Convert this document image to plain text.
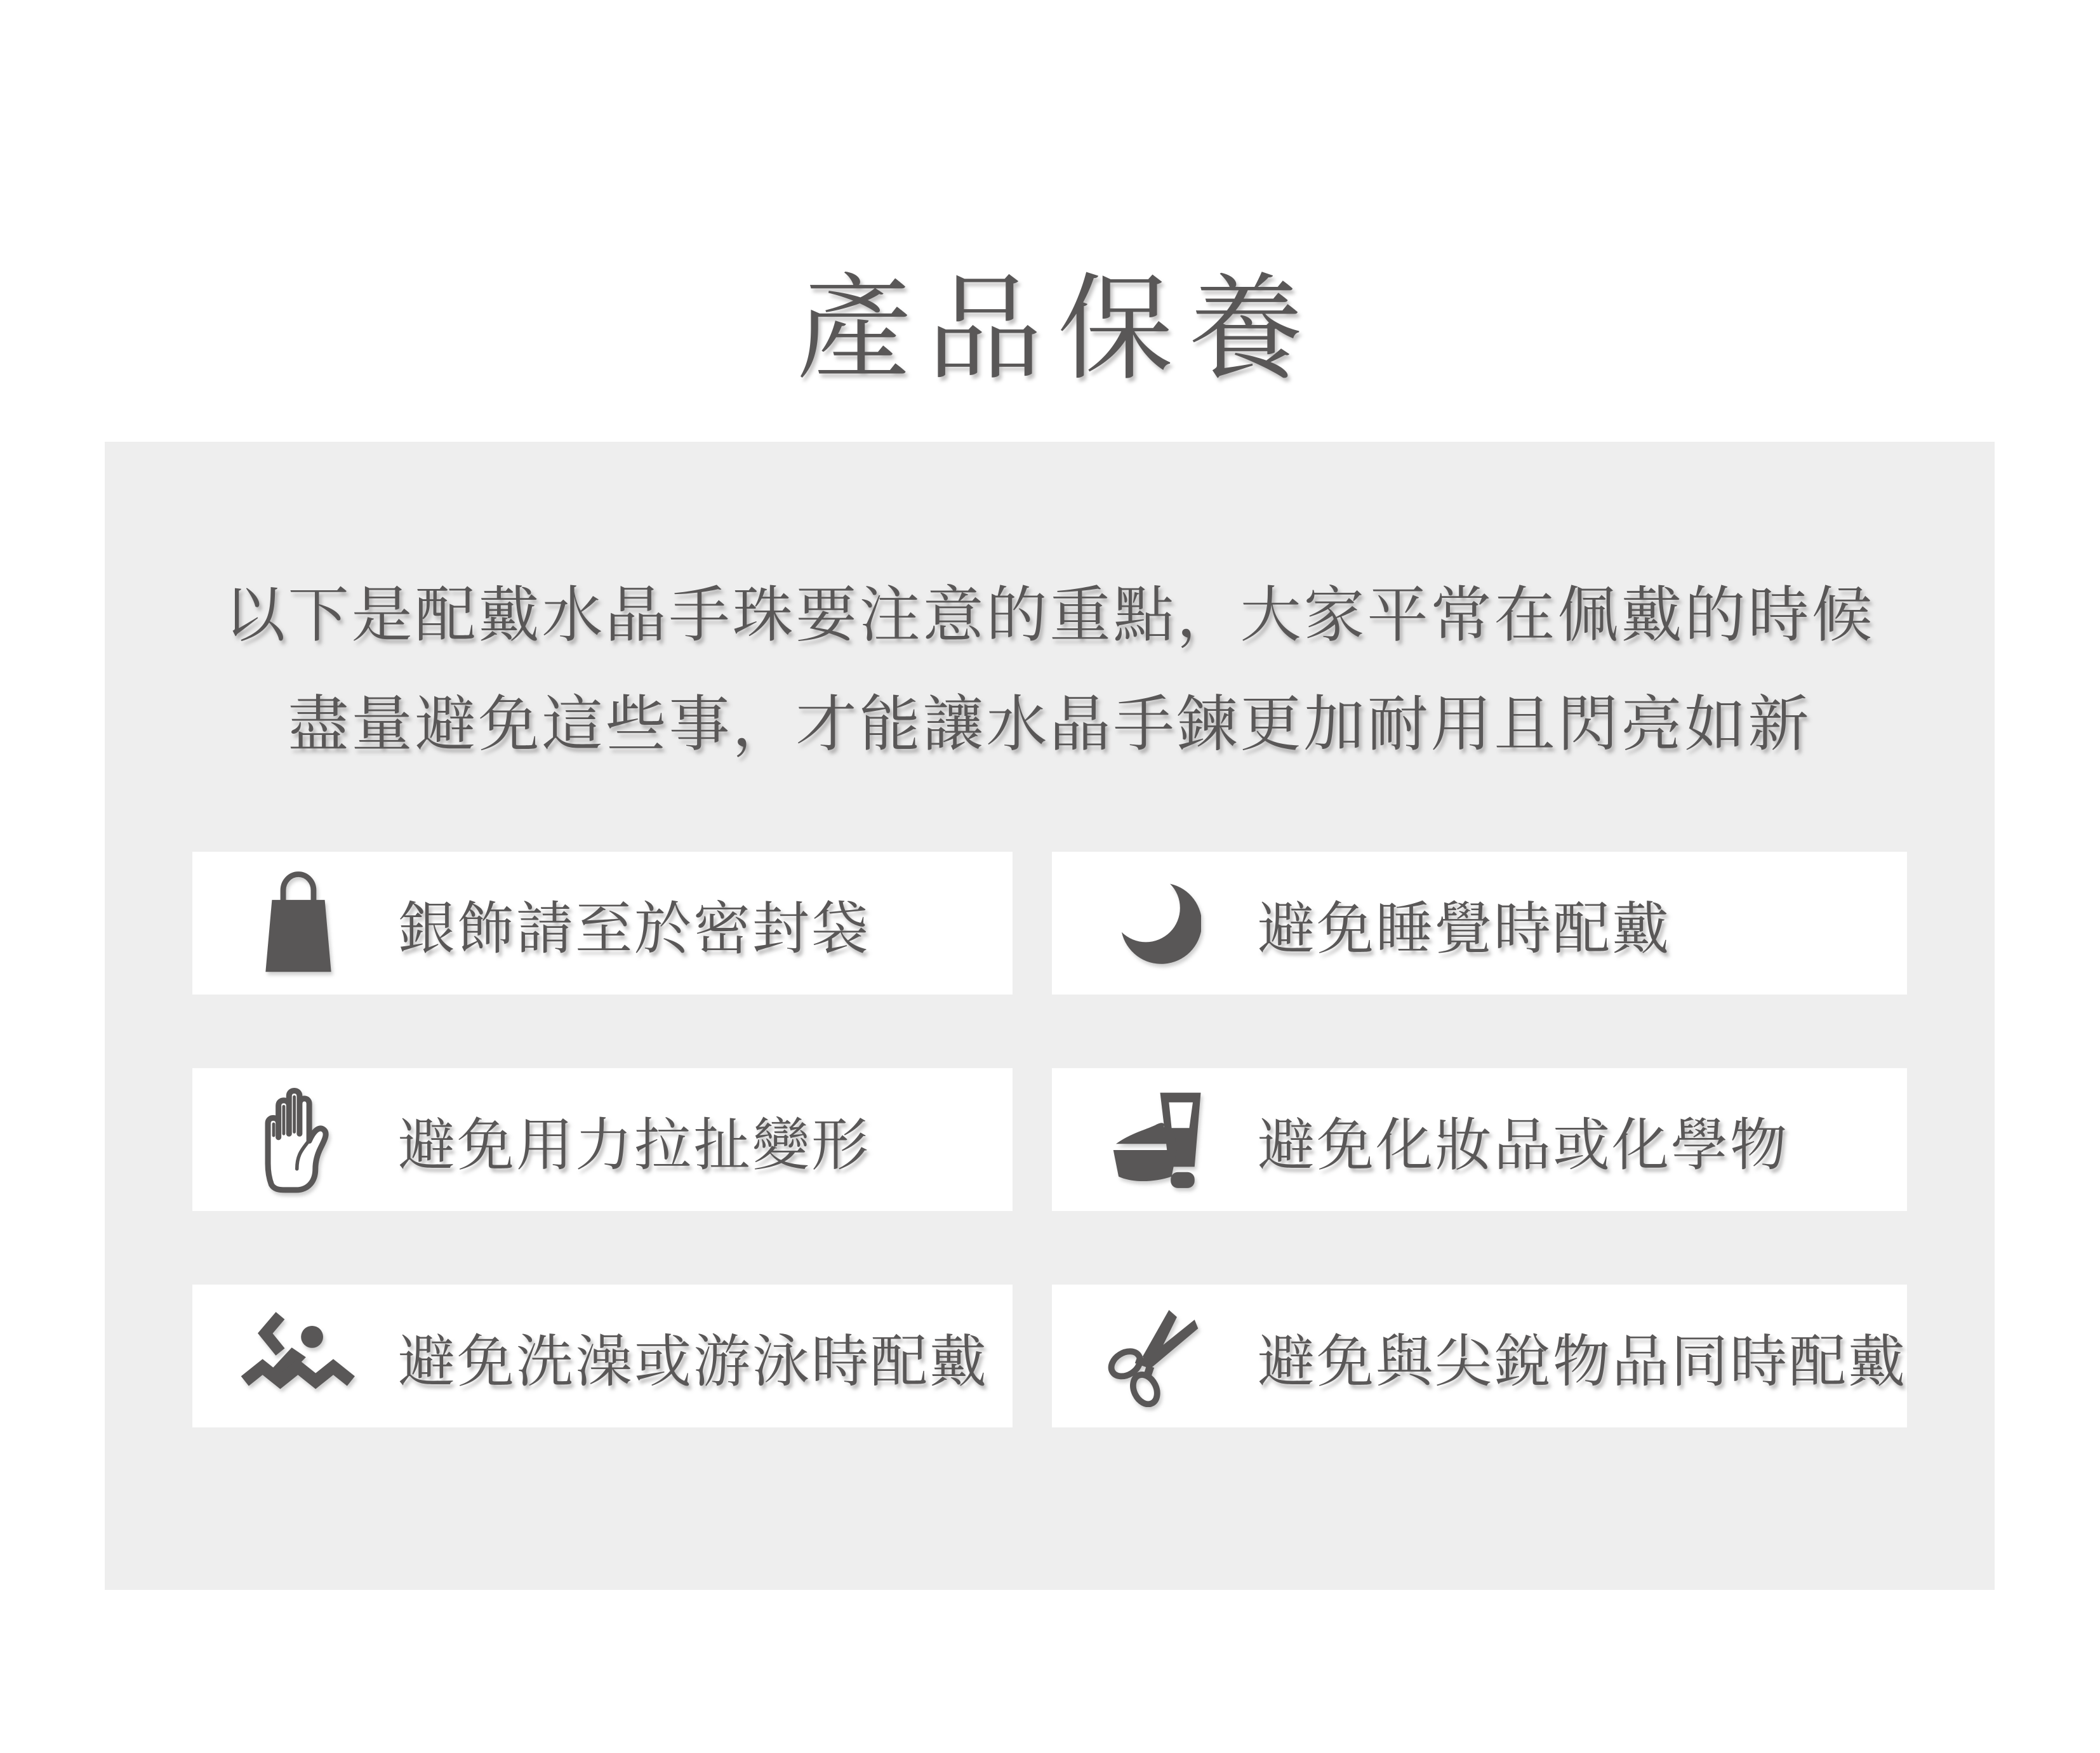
產品保養
以下是配戴水晶手珠要注意的重點，大家平常在佩戴的時候
盡量避免這些事，才能讓水晶手鍊更加耐用且閃亮如新
銀飾請至於密封袋	避免睡覺時配戴
避免用力拉扯變形	避免化妝品或化學物
避免洗澡或游泳時配戴	避免與尖銳物品同時配戴
